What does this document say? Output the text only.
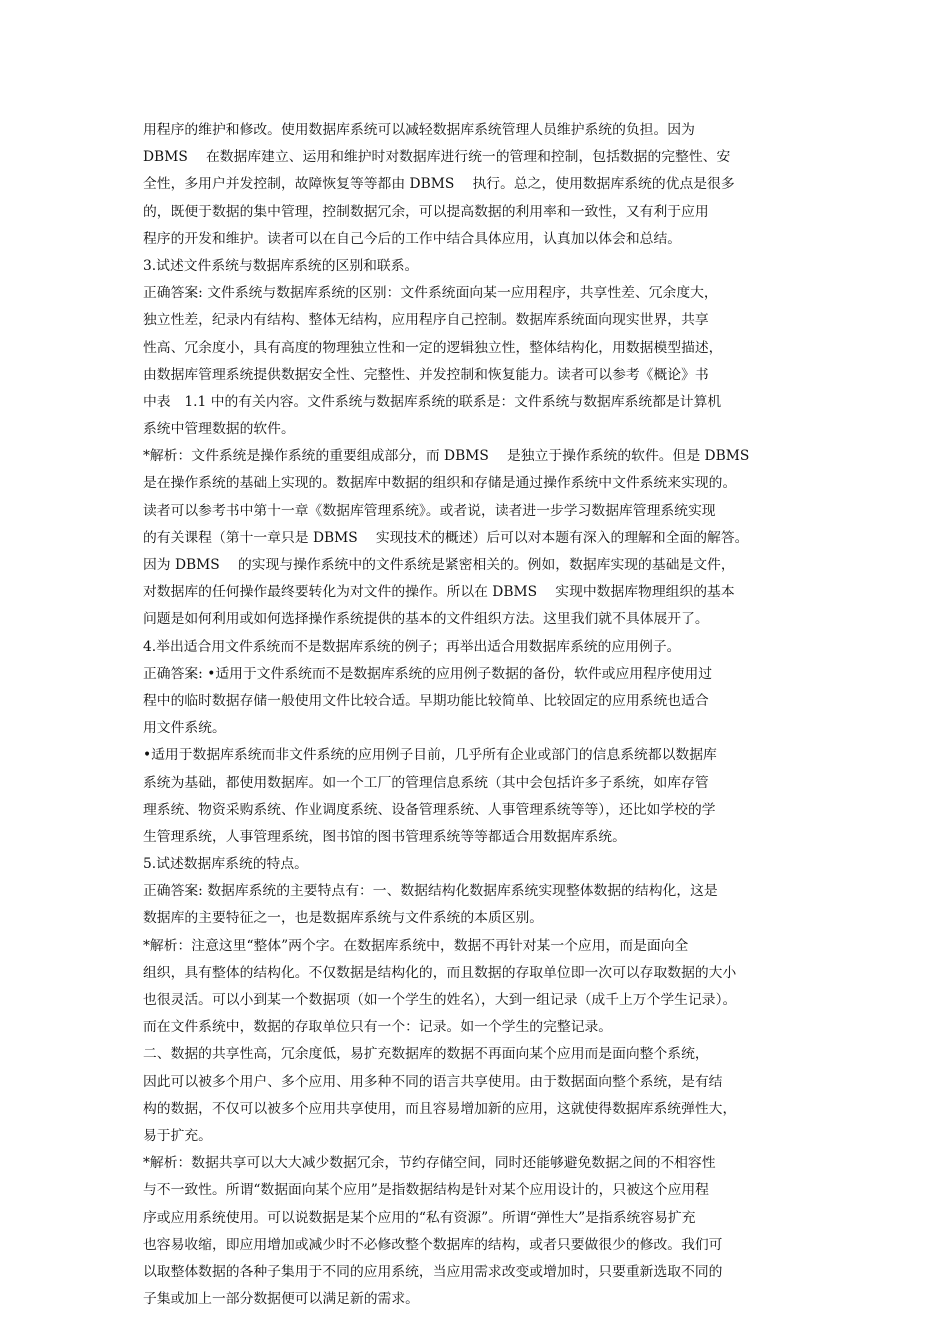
用程序的维护和修改。使用数据库系统可以减轻数据库系统管理人员维护系统的负担。因为
DBMS　 在数据库建立、运用和维护时对数据库进行统一的管理和控制，包括数据的完整性、安
全性，多用户并发控制，故障恢复等等都由 DBMS　 执行。总之，使用数据库系统的优点是很多
的，既便于数据的集中管理，控制数据冗余，可以提高数据的利用率和一致性，又有利于应用
程序的开发和维护。读者可以在自己今后的工作中结合具体应用，认真加以体会和总结。
3.试述文件系统与数据库系统的区别和联系。
正确答案: 文件系统与数据库系统的区别：文件系统面向某一应用程序，共享性差、冗余度大，
独立性差，纪录内有结构、整体无结构，应用程序自己控制。数据库系统面向现实世界，共享
性高、冗余度小，具有高度的物理独立性和一定的逻辑独立性，整体结构化，用数据模型描述，
由数据库管理系统提供数据安全性、完整性、并发控制和恢复能力。读者可以参考《概论》书
中表　1.1 中的有关内容。文件系统与数据库系统的联系是：文件系统与数据库系统都是计算机
系统中管理数据的软件。
*解析：文件系统是操作系统的重要组成部分，而 DBMS　 是独立于操作系统的软件。但是 DBMS
是在操作系统的基础上实现的。数据库中数据的组织和存储是通过操作系统中文件系统来实现的。
读者可以参考书中第十一章《数据库管理系统》。或者说，读者进一步学习数据库管理系统实现
的有关课程（第十一章只是 DBMS　 实现技术的概述）后可以对本题有深入的理解和全面的解答。
因为 DBMS　 的实现与操作系统中的文件系统是紧密相关的。例如，数据库实现的基础是文件，
对数据库的任何操作最终要转化为对文件的操作。所以在 DBMS　 实现中数据库物理组织的基本
问题是如何利用或如何选择操作系统提供的基本的文件组织方法。这里我们就不具体展开了。
4.举出适合用文件系统而不是数据库系统的例子；再举出适合用数据库系统的应用例子。
正确答案: •适用于文件系统而不是数据库系统的应用例子数据的备份，软件或应用程序使用过
程中的临时数据存储一般使用文件比较合适。早期功能比较简单、比较固定的应用系统也适合
用文件系统。
•适用于数据库系统而非文件系统的应用例子目前，几乎所有企业或部门的信息系统都以数据库
系统为基础，都使用数据库。如一个工厂的管理信息系统（其中会包括许多子系统，如库存管
理系统、物资采购系统、作业调度系统、设备管理系统、人事管理系统等等），还比如学校的学
生管理系统，人事管理系统，图书馆的图书管理系统等等都适合用数据库系统。
5.试述数据库系统的特点。
正确答案: 数据库系统的主要特点有：一、数据结构化数据库系统实现整体数据的结构化，这是
数据库的主要特征之一，也是数据库系统与文件系统的本质区别。
*解析：注意这里“整体”两个字。在数据库系统中，数据不再针对某一个应用，而是面向全
组织，具有整体的结构化。不仅数据是结构化的，而且数据的存取单位即一次可以存取数据的大小
也很灵活。可以小到某一个数据项（如一个学生的姓名），大到一组记录（成千上万个学生记录）。
而在文件系统中，数据的存取单位只有一个：记录。如一个学生的完整记录。
二、数据的共享性高，冗余度低，易扩充数据库的数据不再面向某个应用而是面向整个系统，
因此可以被多个用户、多个应用、用多种不同的语言共享使用。由于数据面向整个系统，是有结
构的数据，不仅可以被多个应用共享使用，而且容易增加新的应用，这就使得数据库系统弹性大，
易于扩充。
*解析：数据共享可以大大减少数据冗余，节约存储空间，同时还能够避免数据之间的不相容性
与不一致性。所谓“数据面向某个应用”是指数据结构是针对某个应用设计的，只被这个应用程
序或应用系统使用。可以说数据是某个应用的“私有资源”。所谓“弹性大”是指系统容易扩充
也容易收缩，即应用增加或减少时不必修改整个数据库的结构，或者只要做很少的修改。我们可
以取整体数据的各种子集用于不同的应用系统，当应用需求改变或增加时，只要重新选取不同的
子集或加上一部分数据便可以满足新的需求。
